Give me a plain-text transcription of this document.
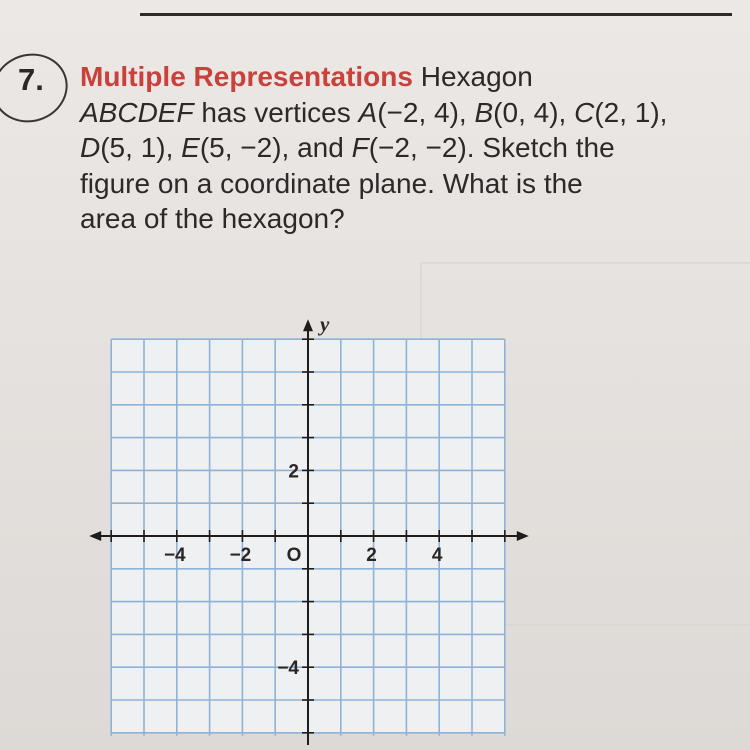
7. Multiple Representations Hexagon
ABCDEF has vertices A(−2, 4), B(0, 4), C(2, 1),
D(5, 1), E(5, −2), and F(−2, −2). Sketch the
figure on a coordinate plane. What is the
area of the hexagon?
−4 −2	2	4
2
−4
O
y
